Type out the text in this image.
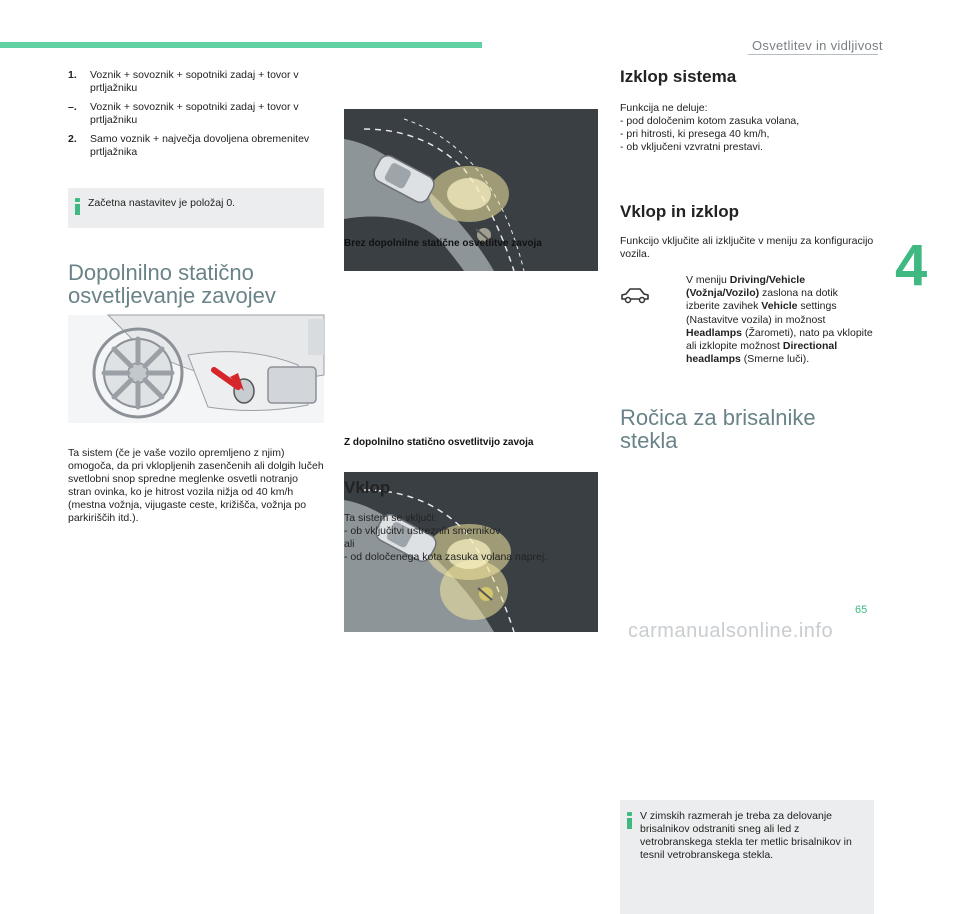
Osvetlitev in vidljivost
4
1.	Voznik + sovoznik + sopotniki zadaj + tovor v prtljažniku
–.	Voznik + sovoznik + sopotniki zadaj + tovor v prtljažniku
2.	Samo voznik + največja dovoljena obremenitev prtljažnika
Začetna nastavitev je položaj 0.
Dopolnilno statično osvetljevanje zavojev
Ta sistem (če je vaše vozilo opremljeno z njim) omogoča, da pri vklopljenih zasenčenih ali dolgih lučeh svetlobni snop spredne meglenke osvetli notranjo stran ovinka, ko je hitrost vozila nižja od 40 km/h (mestna vožnja, vijugaste ceste, križišča, vožnja po parkiriščih itd.).
Brez dopolnilne statične osvetlitve zavoja
Z dopolnilno statično osvetlitvijo zavoja
Vklop
Ta sistem se vključi:
- ob vključitvi ustreznih smernikov
ali
- od določenega kota zasuka volana naprej.
Izklop sistema
Funkcija ne deluje:
- pod določenim kotom zasuka volana,
- pri hitrosti, ki presega 40 km/h,
- ob vključeni vzvratni prestavi.
Vklop in izklop
Funkcijo vključite ali izključite v meniju za konfiguracijo vozila.
V meniju Driving/Vehicle (Vožnja/Vozilo) zaslona na dotik izberite zavihek Vehicle settings (Nastavitve vozila) in možnost Headlamps (Žarometi), nato pa vklopite ali izklopite možnost Directional headlamps (Smerne luči).
Ročica za brisalnike stekla
V zimskih razmerah je treba za delovanje brisalnikov odstraniti sneg ali led z vetrobranskega stekla ter metlic brisalnikov in tesnil vetrobranskega stekla.
65
carmanualsonline.info
